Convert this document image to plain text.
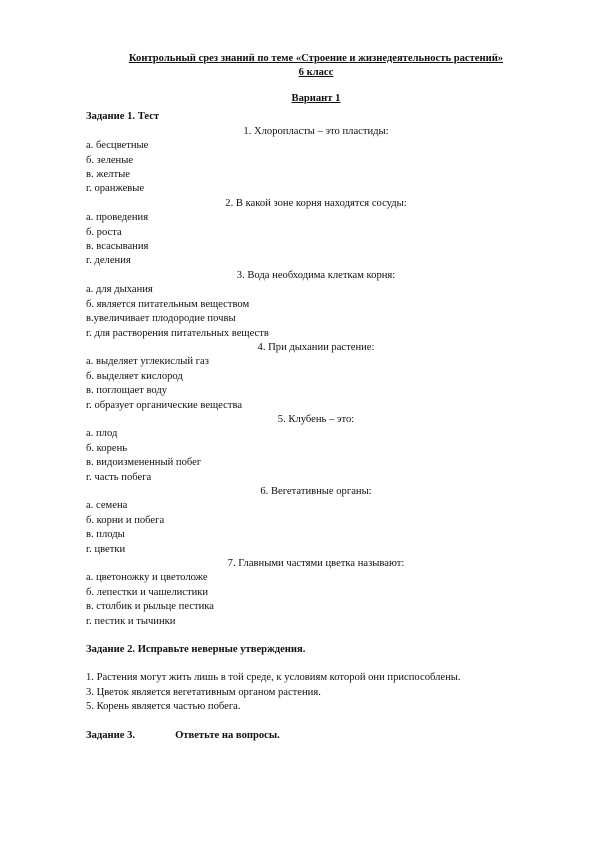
Контрольный срез знаний по теме «Строение и жизнедеятельность растений»
6 класс
Вариант 1
Задание 1. Тест
1. Хлоропласты – это пластиды:
а. бесцветные
б. зеленые
в. желтые
г. оранжевые
2. В какой зоне корня находятся сосуды:
а. проведения
б. роста
в. всасывания
г. деления
3. Вода необходима клеткам корня:
а. для дыхания
б. является питательным веществом
в.увеличивает плодородие почвы
г. для растворения питательных веществ
4. При дыхании растение:
а. выделяет углекислый газ
б. выделяет кислород
в. поглощает воду
г. образует органические вещества
5. Клубень – это:
а. плод
б. корень
в. видоизмененный побег
г. часть побега
6. Вегетативные органы:
а. семена
б. корни и побега
в. плоды
г. цветки
7. Главными частями цветка называют:
а. цветоножку и цветоложе
б. лепестки и чашелистики
в. столбик и рыльце пестика
г. пестик и тычинки
Задание 2. Исправьте неверные утверждения.
1. Растения могут жить лишь в той среде, к условиям которой они приспособлены.
3. Цветок является вегетативным органом растения.
5. Корень является частью побега.
Задание 3.	Ответьте на вопросы.
